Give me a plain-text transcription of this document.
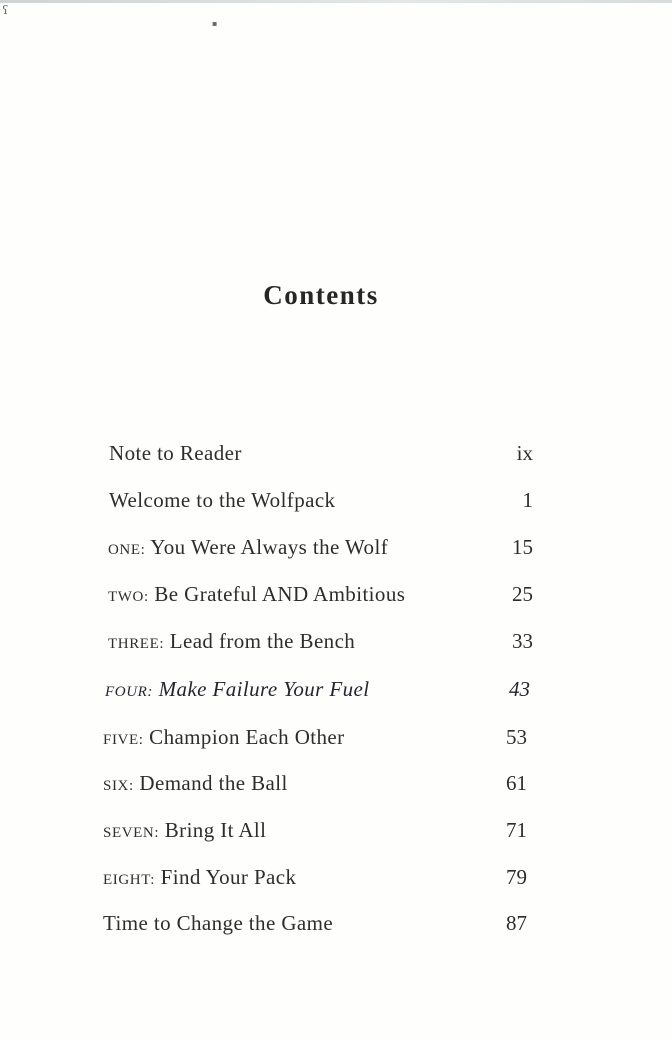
ʕ
▪
Contents
Note to Reader	ix
Welcome to the Wolfpack	1
ONE: You Were Always the Wolf	15
TWO: Be Grateful AND Ambitious	25
THREE: Lead from the Bench	33
FOUR: Make Failure Your Fuel	43
FIVE: Champion Each Other	53
SIX: Demand the Ball	61
SEVEN: Bring It All	71
EIGHT: Find Your Pack	79
Time to Change the Game	87
